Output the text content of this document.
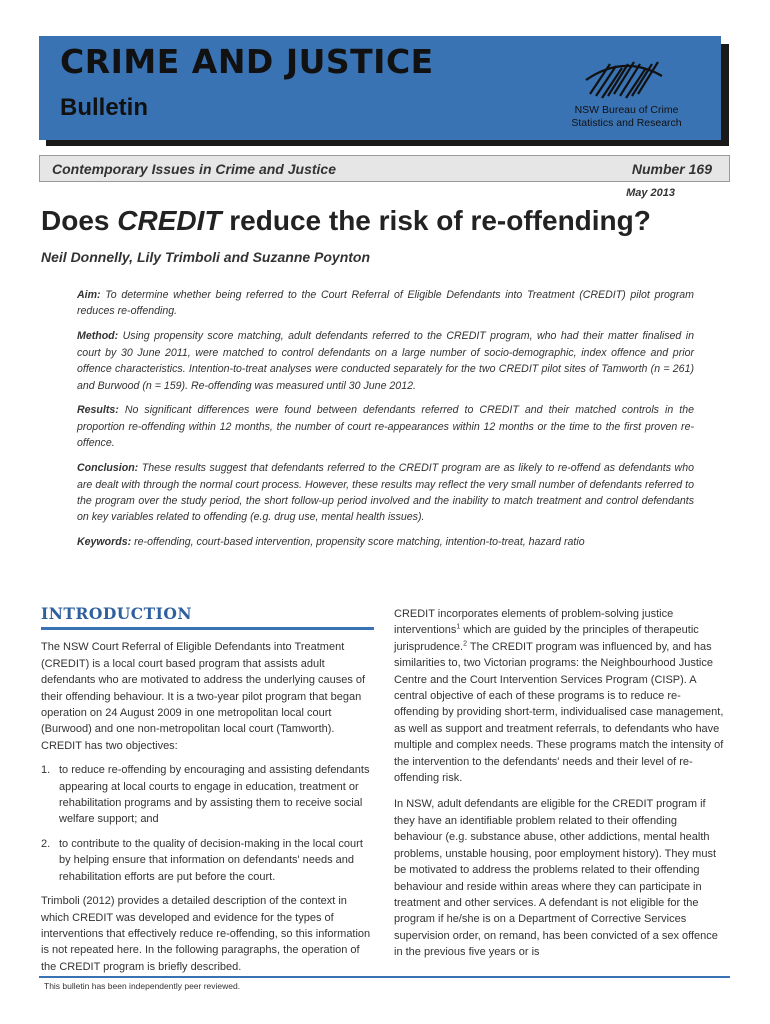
CRIME AND JUSTICE
Bulletin	NSW Bureau of Crime
Statistics and Research
Contemporary Issues in Crime and Justice	Number 169
May 2013
Does CREDIT reduce the risk of re-offending?
Neil Donnelly, Lily Trimboli and Suzanne Poynton

Aim: To determine whether being referred to the Court Referral of Eligible Defendants into Treatment (CREDIT) pilot program reduces re-offending.

Method: Using propensity score matching, adult defendants referred to the CREDIT program, who had their matter finalised in court by 30 June 2011, were matched to control defendants on a large number of socio-demographic, index offence and prior offence characteristics. Intention-to-treat analyses were conducted separately for the two CREDIT pilot sites of Tamworth (n = 261) and Burwood (n = 159). Re-offending was measured until 30 June 2012.

Results: No significant differences were found between defendants referred to CREDIT and their matched controls in the proportion re-offending within 12 months, the number of court re-appearances within 12 months or the time to the first proven re-offence.

Conclusion: These results suggest that defendants referred to the CREDIT program are as likely to re-offend as defendants who are dealt with through the normal court process. However, these results may reflect the very small number of defendants referred to the program over the study period, the short follow-up period involved and the inability to match treatment and control defendants on key variables related to offending (e.g. drug use, mental health issues).

Keywords: re-offending, court-based intervention, propensity score matching, intention-to-treat, hazard ratio

INTRODUCTION

The NSW Court Referral of Eligible Defendants into Treatment (CREDIT) is a local court based program that assists adult defendants who are motivated to address the underlying causes of their offending behaviour. It is a two-year pilot program that began operation on 24 August 2009 in one metropolitan local court (Burwood) and one non-metropolitan local court (Tamworth). CREDIT has two objectives:

1. to reduce re-offending by encouraging and assisting defendants appearing at local courts to engage in education, treatment or rehabilitation programs and by assisting them to receive social welfare support; and
2. to contribute to the quality of decision-making in the local court by helping ensure that information on defendants' needs and rehabilitation efforts are put before the court.

Trimboli (2012) provides a detailed description of the context in which CREDIT was developed and evidence for the types of interventions that effectively reduce re-offending, so this information is not repeated here. In the following paragraphs, the operation of the CREDIT program is briefly described.

CREDIT incorporates elements of problem-solving justice interventions$^1$ which are guided by the principles of therapeutic jurisprudence.$^2$ The CREDIT program was influenced by, and has similarities to, two Victorian programs: the Neighbourhood Justice Centre and the Court Intervention Services Program (CISP). A central objective of each of these programs is to reduce re-offending by providing short-term, individualised case management, as well as support and treatment referrals, to defendants who have multiple and complex needs. These programs match the intensity of the intervention to the defendants' needs and their level of re-offending risk.

In NSW, adult defendants are eligible for the CREDIT program if they have an identifiable problem related to their offending behaviour (e.g. substance abuse, other addictions, mental health problems, unstable housing, poor employment history). They must be motivated to address the problems related to their offending behaviour and reside within areas where they can participate in treatment and other services. A defendant is not eligible for the program if he/she is on a Department of Corrective Services supervision order, on remand, has been convicted of a sex offence in the previous five years or is

This bulletin has been independently peer reviewed.
